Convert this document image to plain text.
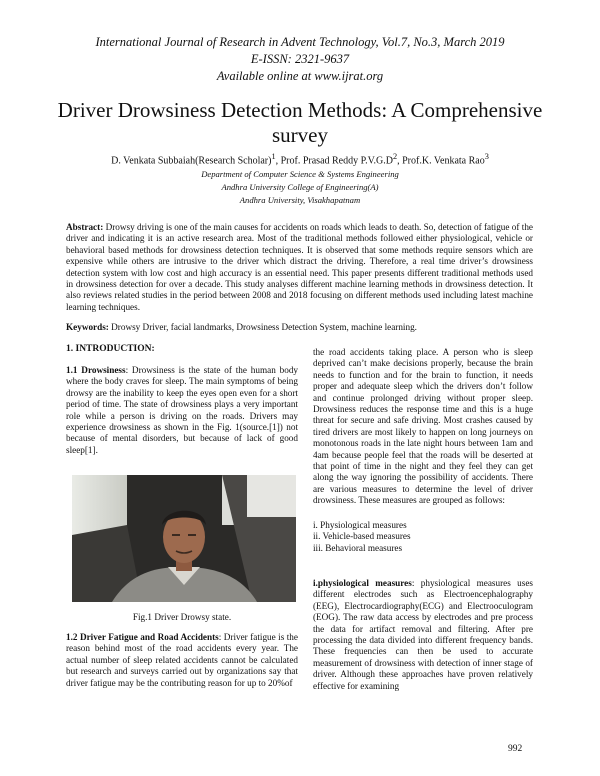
International Journal of Research in Advent Technology, Vol.7, No.3, March 2019
E-ISSN: 2321-9637
Available online at www.ijrat.org
Driver Drowsiness Detection Methods: A Comprehensive survey
D. Venkata Subbaiah(Research Scholar)$^1$, Prof. Prasad Reddy $P.V.G.D^2$, Prof.K. Venkata Rao$^3$
Department of Computer Science & Systems Engineering
Andhra University College of Engineering(A)
Andhra University, Visakhapatnam

Abstract: Drowsy driving is one of the main causes for accidents on roads which leads to death. So, detection of fatigue of the driver and indicating it is an active research area. Most of the traditional methods followed either physiological, vehicle or behavioral based methods for drowsiness detection techniques. It is observed that some methods require sensors which are expensive while others are intrusive to the driver which distract the driving. Therefore, a real time driver’s drowsiness detection system with low cost and high accuracy is an essential need. This paper presents different traditional methods used in drowsiness detection for over a decade. This study analyses different machine learning methods in drowsiness detection. It also reviews related studies in the period between 2008 and 2018 focusing on different methods used including latest machine learning techniques.

Keywords: Drowsy Driver, facial landmarks, Drowsiness Detection System, machine learning.

1. INTRODUCTION:

1.1 Drowsiness: Drowsiness is the state of the human body where the body craves for sleep. The main symptoms of being drowsy are the inability to keep the eyes open even for a short period of time. The state of drowsiness plays a very important role while a person is driving on the roads. Drivers may experience drowsiness as shown in the Fig. 1(source.[1]) not because of mental disorders, but because of lack of good sleep[1].

Fig.1 Driver Drowsy state.

1.2 Driver Fatigue and Road Accidents: Driver fatigue is the reason behind most of the road accidents every year. The actual number of sleep related accidents cannot be calculated but research and surveys carried out by organizations say that driver fatigue may be the contributing reason for up to 20%of

the road accidents taking place. A person who is sleep deprived can’t make decisions properly, because the brain needs to function and for the brain to function, it needs proper and adequate sleep which the drivers don’t follow and continue prolonged driving without proper sleep. Drowsiness reduces the response time and this is a huge threat for secure and safe driving. Most crashes caused by tired drivers are most likely to happen on long journeys on monotonous roads in the late night hours between 1am and 4am because people feel that the roads will be deserted at that point of time in the night and they feel they can get along the way ignoring the possibility of accidents. There are various measures to determine the level of driver drowsiness. These measures are grouped as follows:

i. Physiological measures
ii. Vehicle-based measures
iii. Behavioral measures

i.physiological measures: physiological measures uses different electrodes such as Electroencephalography (EEG), Electrocardiography(ECG) and Electrooculogram (EOG). The raw data access by electrodes and pre process the data for artifact removal and filtering. After pre processing the data divided into different frequency bands. These frequencies can then be used to accurate measurement of drowsiness with detection of inner stage of driver. Although these approaches have proven relatively effective for examining

992
